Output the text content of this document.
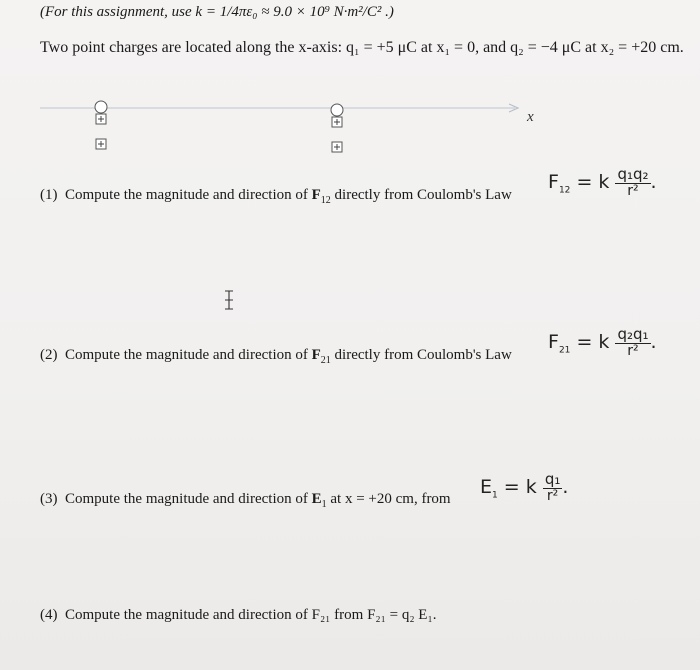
(For this assignment, use k = 1/4πε₀ ≈ 9.0 × 10⁹ N·m²/C² .)
Two point charges are located along the x-axis: q₁ = +5 μC at x₁ = 0, and q₂ = −4 μC at x₂ = +20 cm.
x
(1) Compute the magnitude and direction of $F_{12}$ directly from Coulomb's Law
$F_{12} = k \frac{\text{q₁q₂}}{\text{r²}}$ .
(2) Compute the magnitude and direction of $F_{21}$ directly from Coulomb's Law
$F_{21} = k \frac{\text{q₂q₁}}{\text{r²}}$ .
(3) Compute the magnitude and direction of $E_1$ at x = +20 cm, from
$E_1 = k \frac{\text{q₁}}{\text{r²}}$ .
(4) Compute the magnitude and direction of F₂₁ from F₂₁ = q₂ E₁.
